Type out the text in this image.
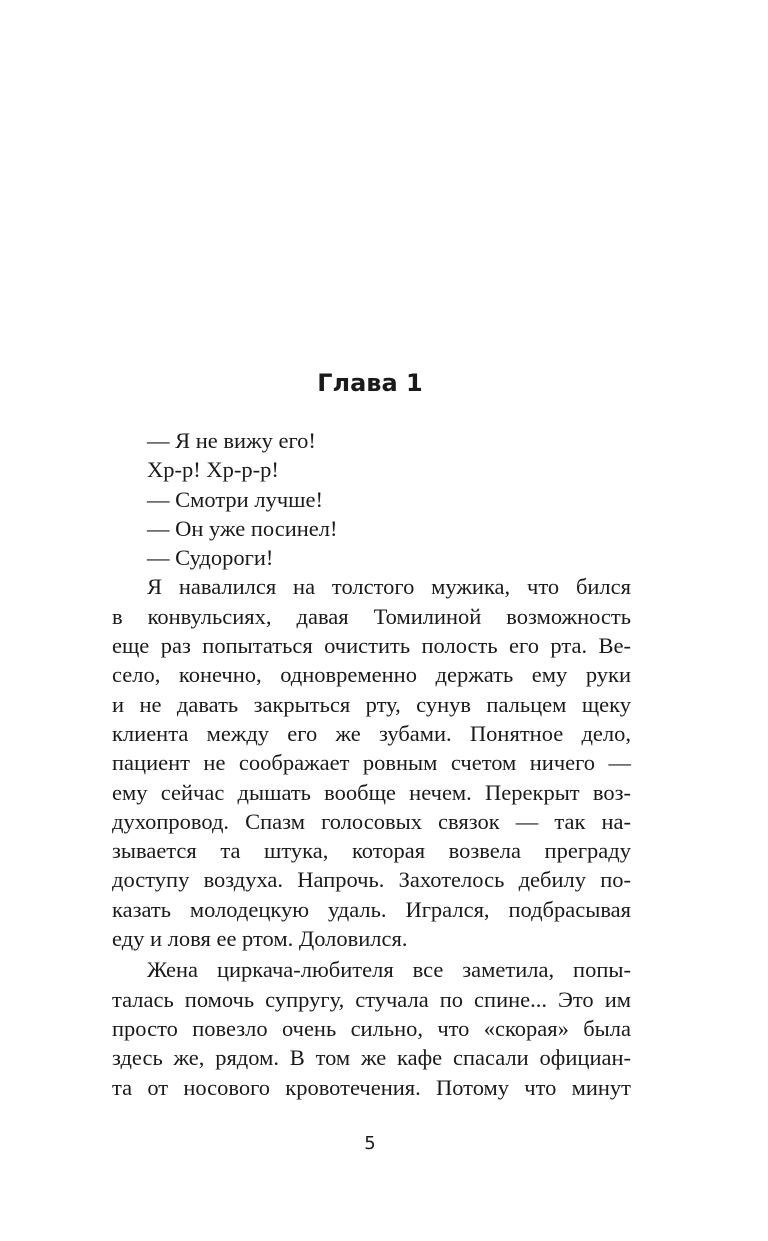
Глава 1
— Я не вижу его!
Хр-р! Хр-р-р!
— Смотри лучше!
— Он уже посинел!
— Судороги!
Я навалился на толстого мужика, что бился
в конвульсиях, давая Томилиной возможность
еще раз попытаться очистить полость его рта. Ве-
село, конечно, одновременно держать ему руки
и не давать закрыться рту, сунув пальцем щеку
клиента между его же зубами. Понятное дело,
пациент не соображает ровным счетом ничего —
ему сейчас дышать вообще нечем. Перекрыт воз-
духопровод. Спазм голосовых связок — так на-
зывается та штука, которая возвела преграду
доступу воздуха. Напрочь. Захотелось дебилу по-
казать молодецкую удаль. Игрался, подбрасывая
еду и ловя ее ртом. Доловился.
Жена циркача-любителя все заметила, попы-
талась помочь супругу, стучала по спине... Это им
просто повезло очень сильно, что «скорая» была
здесь же, рядом. В том же кафе спасали официан-
та от носового кровотечения. Потому что минут
5
